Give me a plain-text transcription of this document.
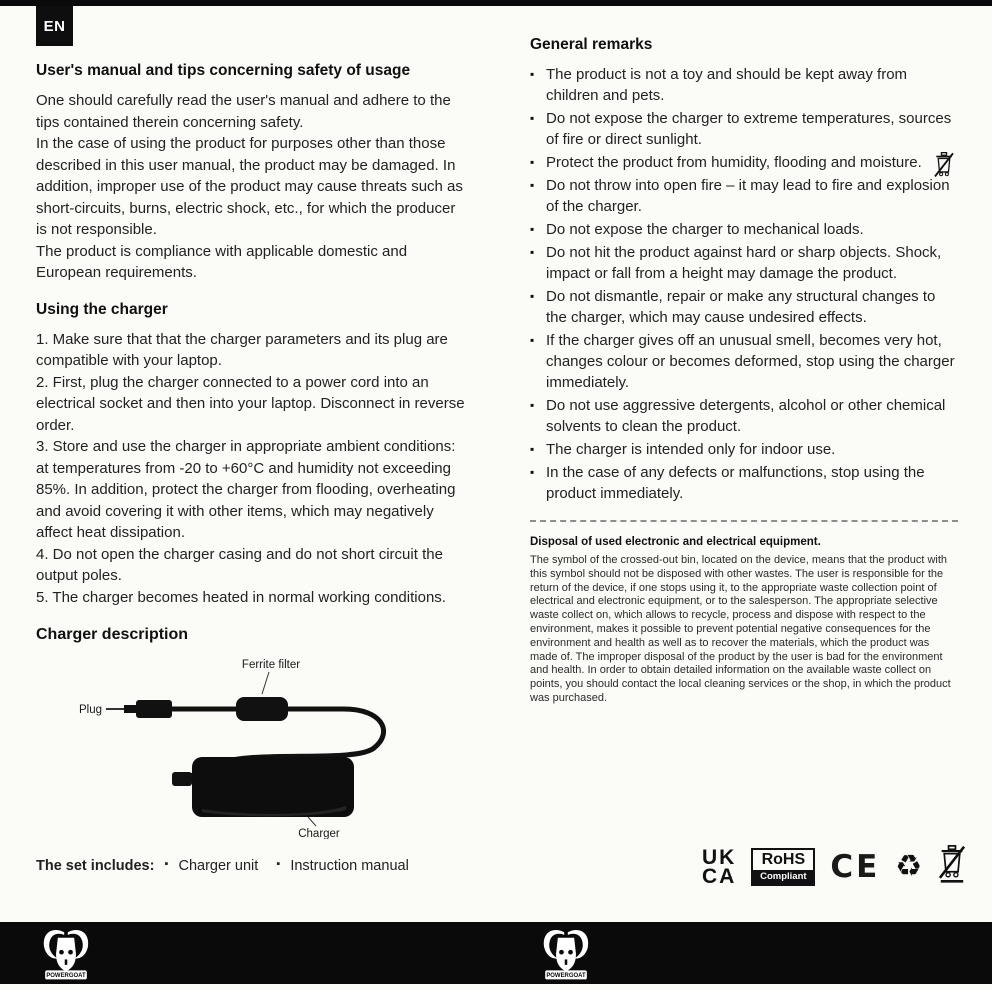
EN
User's manual and tips concerning safety of usage

One should carefully read the user's manual and adhere to the tips contained therein concerning safety.

In the case of using the product for purposes other than those described in this user manual, the product may be damaged. In addition, improper use of the product may cause threats such as short-circuits, burns, electric shock, etc., for which the producer is not responsible.

The product is compliance with applicable domestic and European requirements.

Using the charger

1. Make sure that that the charger parameters and its plug are compatible with your laptop.

2. First, plug the charger connected to a power cord into an electrical socket and then into your laptop. Disconnect in reverse order.

3. Store and use the charger in appropriate ambient conditions: at temperatures from -20 to +60°C and humidity not exceeding 85%. In addition, protect the charger from flooding, overheating and avoid covering it with other items, which may negatively affect heat dissipation.

4. Do not open the charger casing and do not short circuit the output poles.

5. The charger becomes heated in normal working conditions.

Charger description
Ferrite filter
Plug
Charger
The set includes: ▪ Charger unit ▪ Instruction manual
General remarks
▪ The product is not a toy and should be kept away from children and pets.
▪ Do not expose the charger to extreme temperatures, sources of fire or direct sunlight.
▪ Protect the product from humidity, flooding and moisture.
▪ Do not throw into open fire – it may lead to fire and explosion of the charger.
▪ Do not expose the charger to mechanical loads.
▪ Do not hit the product against hard or sharp objects. Shock, impact or fall from a height may damage the product.
▪ Do not dismantle, repair or make any structural changes to the charger, which may cause undesired effects.
▪ If the charger gives off an unusual smell, becomes very hot, changes colour or becomes deformed, stop using the charger immediately.
▪ Do not use aggressive detergents, alcohol or other chemical solvents to clean the product.
▪ The charger is intended only for indoor use.
▪ In the case of any defects or malfunctions, stop using the product immediately.

Disposal of used electronic and electrical equipment.

The symbol of the crossed-out bin, located on the device, means that the product with this symbol should not be disposed with other wastes. The user is responsible for the return of the device, if one stops using it, to the appropriate waste collection point of electrical and electronic equipment, or to the salesperson. The appropriate selective waste collect on, which allows to recycle, process and dispose with respect to the environment, makes it possible to prevent potential negative consequences for the environment and health as well as to recover the materials, which the product was made of. The improper disposal of the product by the user is bad for the environment and health. In order to obtain detailed information on the available waste collect on points, you should contact the local cleaning services or the shop, in which the product was purchased.

UK
CA
RoHS
Compliant CE ♻
POWERGOAT	POWERGOAT
